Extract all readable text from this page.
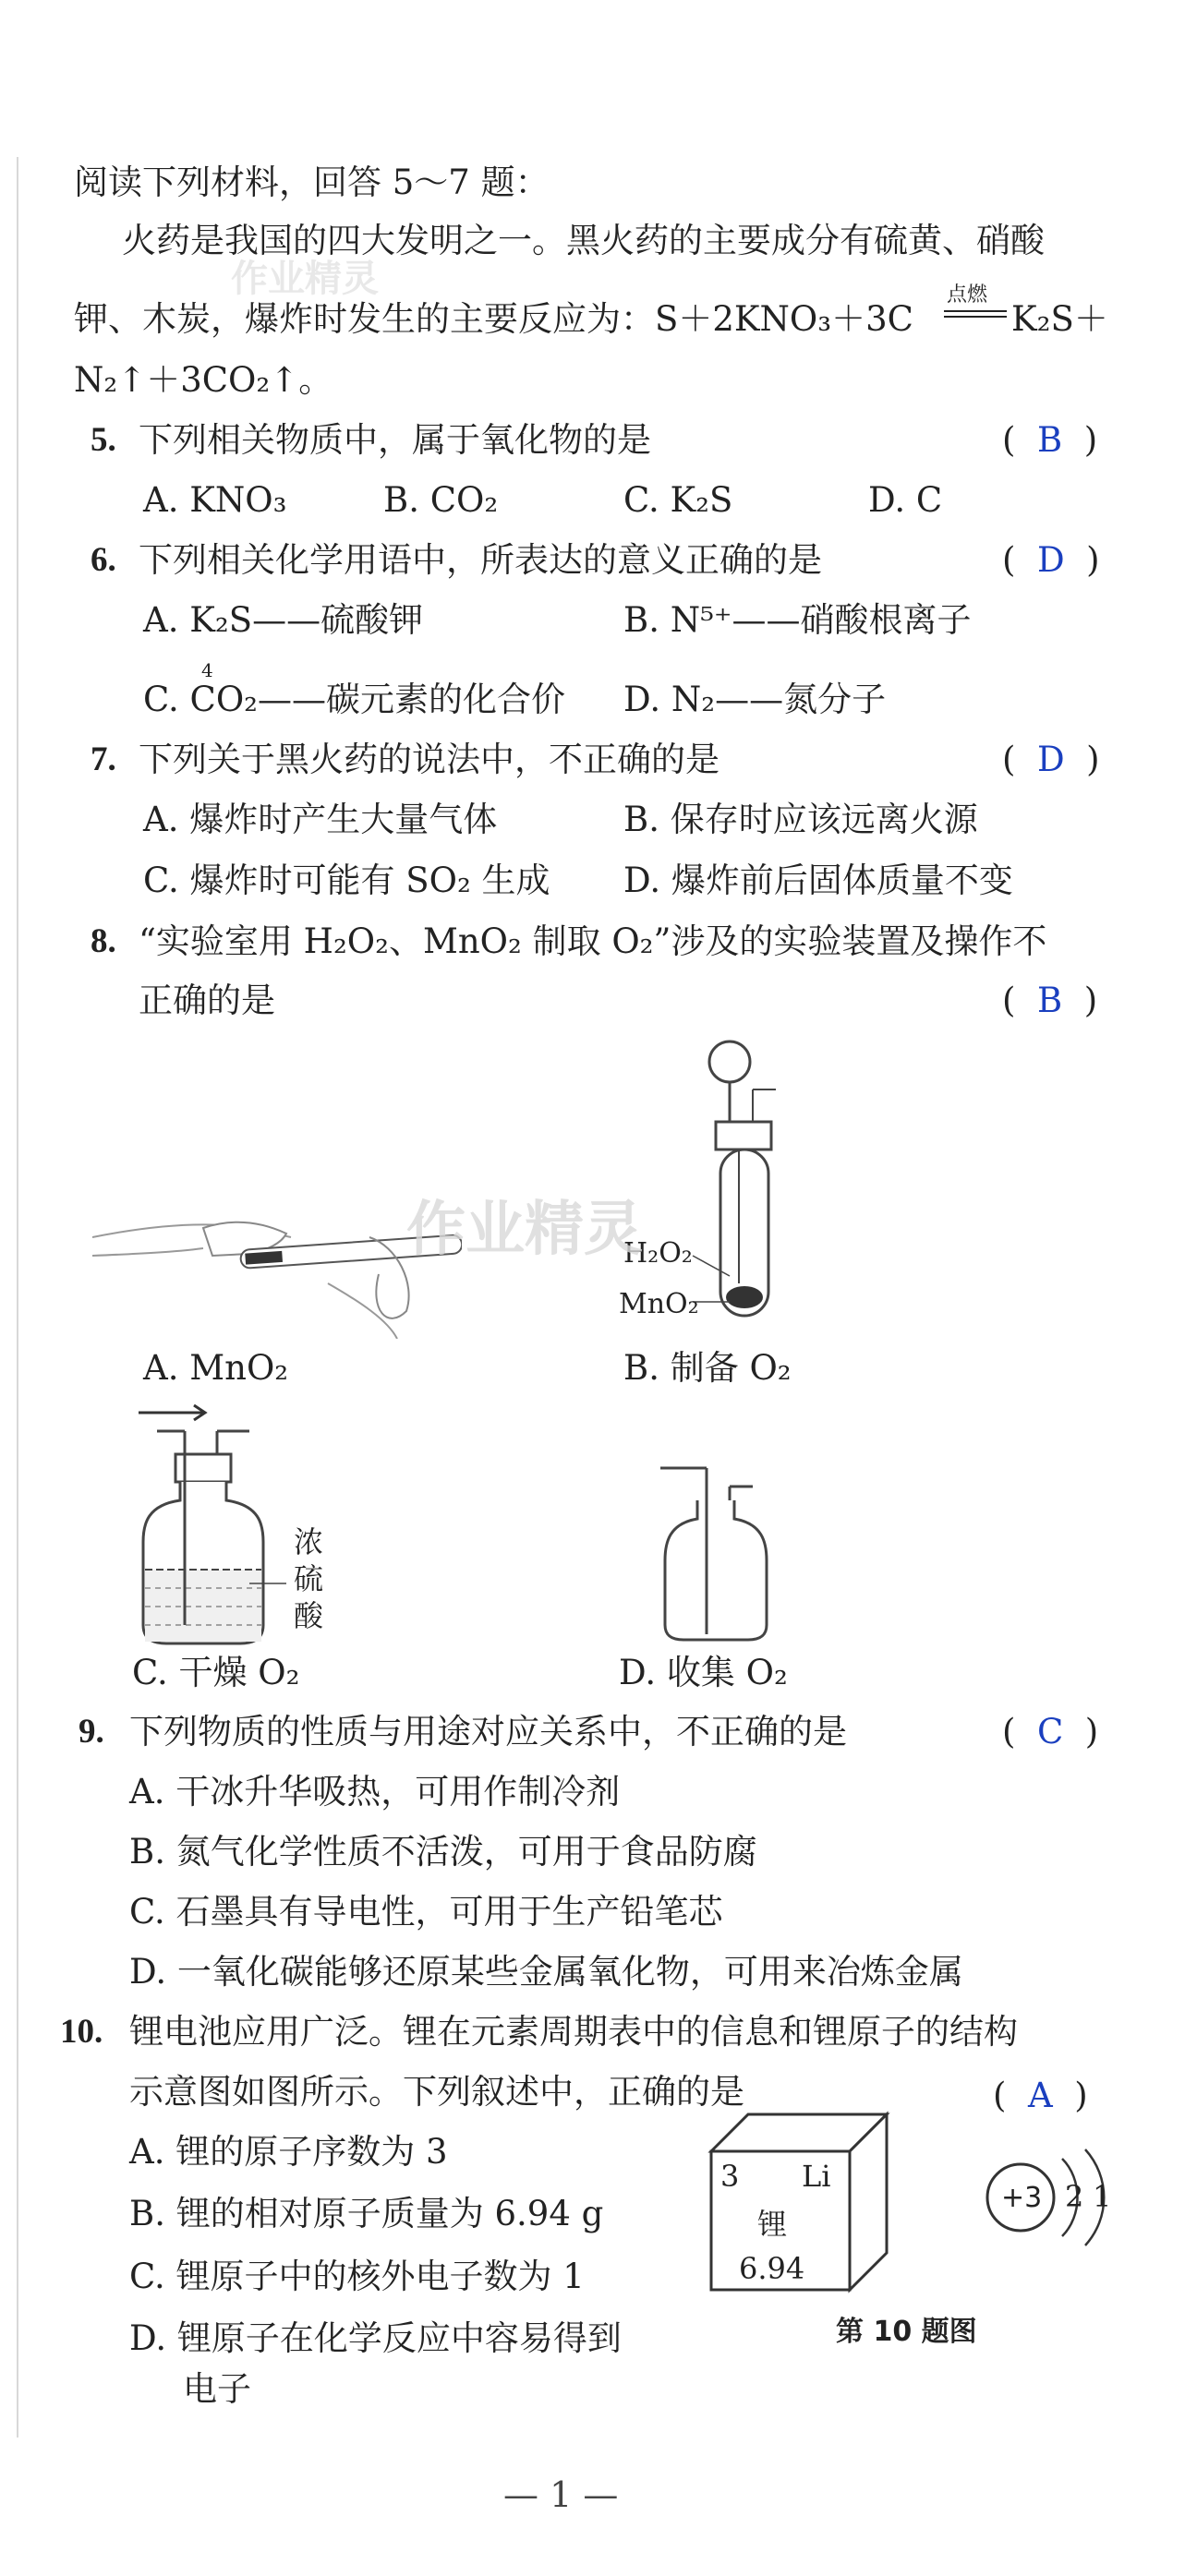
阅读下列材料，回答 5～7 题：
火药是我国的四大发明之一。黑火药的主要成分有硫黄、硝酸
钾、木炭，爆炸时发生的主要反应为：S＋2KNO₃＋3C
点燃
K₂S＋
N₂↑＋3CO₂↑。
5. 下列相关物质中，属于氧化物的是	(  B  )
A. KNO₃	B. CO₂	C. K₂S	D. C
6. 下列相关化学用语中，所表达的意义正确的是	(  D  )
A. K₂S——硫酸钾	B. N⁵⁺——硝酸根离子
4
C. CO₂——碳元素的化合价 D. N₂——氮分子
7. 下列关于黑火药的说法中，不正确的是	(  D  )
A. 爆炸时产生大量气体	B. 保存时应该远离火源
C. 爆炸时可能有 SO₂ 生成 D. 爆炸前后固体质量不变
8. “实验室用 H₂O₂、MnO₂ 制取 O₂”涉及的实验装置及操作不
正确的是	(  B  )
H₂O₂
MnO₂
A. MnO₂	B. 制备 O₂
浓
硫
酸
C. 干燥 O₂	D. 收集 O₂
作业精灵
作业精灵
9. 下列物质的性质与用途对应关系中，不正确的是	(  C  )
A. 干冰升华吸热，可用作制冷剂
B. 氮气化学性质不活泼，可用于食品防腐
C. 石墨具有导电性，可用于生产铅笔芯
D. 一氧化碳能够还原某些金属氧化物，可用来冶炼金属
10. 锂电池应用广泛。锂在元素周期表中的信息和锂原子的结构
示意图如图所示。下列叙述中，正确的是	(  A  )
A. 锂的原子序数为 3
B. 锂的相对原子质量为 6.94 g
C. 锂原子中的核外电子数为 1
D. 锂原子在化学反应中容易得到
电子
3 Li
锂
6.94
+3 2 1
第 10 题图
— 1 —
